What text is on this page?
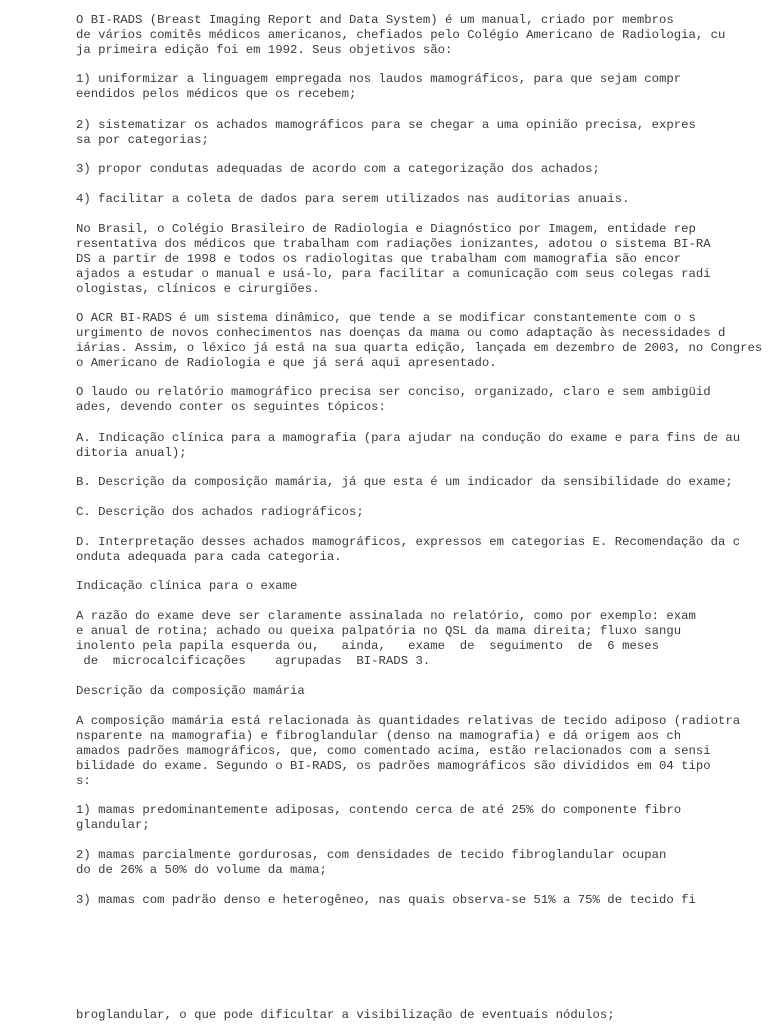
O BI-RADS (Breast Imaging Report and Data System) é um manual, criado por membros

de vários comitês médicos americanos, chefiados pelo Colégio Americano de Radiologia, cu

ja primeira edição foi em 1992. Seus objetivos são:

1) uniformizar a linguagem empregada nos laudos mamográficos, para que sejam compr

eendidos pelos médicos que os recebem;

2) sistematizar os achados mamográficos para se chegar a uma opinião precisa, expres

sa por categorias;

3) propor condutas adequadas de acordo com a categorização dos achados;

4) facilitar a coleta de dados para serem utilizados nas auditorias anuais.

No Brasil, o Colégio Brasileiro de Radiologia e Diagnóstico por Imagem, entidade rep

resentativa dos médicos que trabalham com radiações ionizantes, adotou o sistema BI-RA

DS a partir de 1998 e todos os radiologitas que trabalham com mamografia são encor

ajados a estudar o manual e usá-lo, para facilitar a comunicação com seus colegas radi

ologistas, clínicos e cirurgiões.

O ACR BI-RADS é um sistema dinâmico, que tende a se modificar constantemente com o s

urgimento de novos conhecimentos nas doenças da mama ou como adaptação às necessidades d

iárias. Assim, o léxico já está na sua quarta edição, lançada em dezembro de 2003, no Congres

o Americano de Radiologia e que já será aqui apresentado.

O laudo ou relatório mamográfico precisa ser conciso, organizado, claro e sem ambigüid

ades, devendo conter os seguintes tópicos:

A. Indicação clínica para a mamografia (para ajudar na condução do exame e para fins de au

ditoria anual);

B. Descrição da composição mamária, já que esta é um indicador da sensibilidade do exame;

C. Descrição dos achados radiográficos;

D. Interpretação desses achados mamográficos, expressos em categorias E. Recomendação da c

onduta adequada para cada categoria.

Indicação clínica para o exame

A razão do exame deve ser claramente assinalada no relatório, como por exemplo: exam

e anual de rotina; achado ou queixa palpatória no QSL da mama direita; fluxo sangu

inolento pela papila esquerda ou,   ainda,   exame  de  seguimento  de  6 meses

de  microcalcificações    agrupadas  BI-RADS 3.

Descrição da composição mamária

A composição mamária está relacionada às quantidades relativas de tecido adiposo (radiotra

nsparente na mamografia) e fibroglandular (denso na mamografia) e dá origem aos ch

amados padrões mamográficos, que, como comentado acima, estão relacionados com a sensi

bilidade do exame. Segundo o BI-RADS, os padrões mamográficos são divididos em 04 tipo

s:

1) mamas predominantemente adiposas, contendo cerca de até 25% do componente fibro

glandular;

2) mamas parcialmente gordurosas, com densidades de tecido fibroglandular ocupan

do de 26% a 50% do volume da mama;

3) mamas com padrão denso e heterogêneo, nas quais observa-se 51% a 75% de tecido fi

broglandular, o que pode dificultar a visibilização de eventuais nódulos;
